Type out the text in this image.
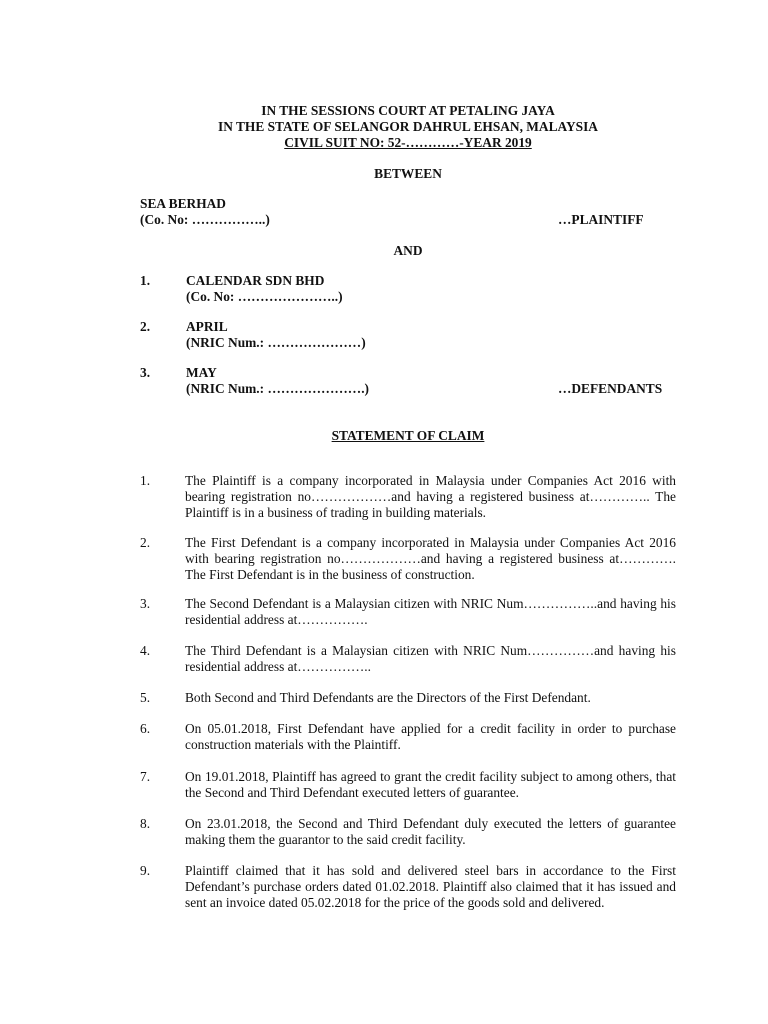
IN THE SESSIONS COURT AT PETALING JAYA
IN THE STATE OF SELANGOR DAHRUL EHSAN, MALAYSIA
CIVIL SUIT NO: 52-…………-YEAR 2019
BETWEEN
SEA BERHAD
(Co. No: ……………..)	…PLAINTIFF
AND
1.	CALENDAR SDN BHD
(Co. No: …………………..)
2.	APRIL
(NRIC Num.: …………………)
3.	MAY
(NRIC Num.: ………………….)	…DEFENDANTS
STATEMENT OF CLAIM
1.	The Plaintiff is a company incorporated in Malaysia under Companies Act 2016 with bearing registration no………………and having a registered business at………….. The Plaintiff is in a business of trading in building materials.
2.	The First Defendant is a company incorporated in Malaysia under Companies Act 2016 with bearing registration no………………and having a registered business at…………. The First Defendant is in the business of construction.
3.	The Second Defendant is a Malaysian citizen with NRIC Num……………..and having his residential address at…………….
4.	The Third Defendant is a Malaysian citizen with NRIC Num……………and having his residential address at……………..
5.	Both Second and Third Defendants are the Directors of the First Defendant.
6.	On 05.01.2018, First Defendant have applied for a credit facility in order to purchase construction materials with the Plaintiff.
7.	On 19.01.2018, Plaintiff has agreed to grant the credit facility subject to among others, that the Second and Third Defendant executed letters of guarantee.
8.	On 23.01.2018, the Second and Third Defendant duly executed the letters of guarantee making them the guarantor to the said credit facility.
9.	Plaintiff claimed that it has sold and delivered steel bars in accordance to the First Defendant’s purchase orders dated 01.02.2018. Plaintiff also claimed that it has issued and sent an invoice dated 05.02.2018 for the price of the goods sold and delivered.
